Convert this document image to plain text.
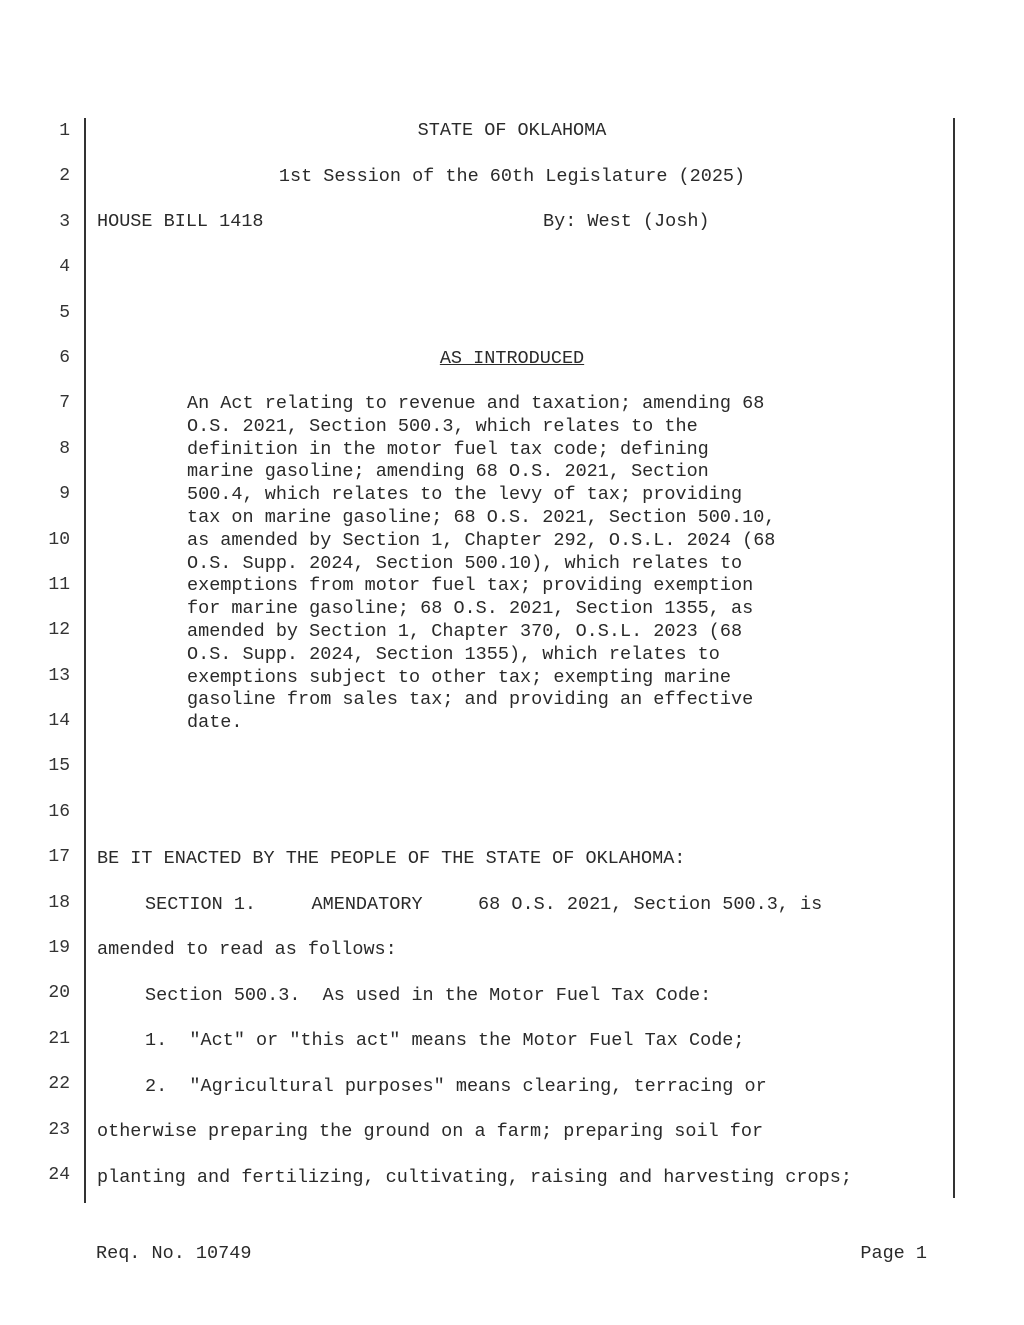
1
2
3
4
5
6
7
8
9
10
11
12
13
14
15
16
17
18
19
20
21
22
23
24
STATE OF OKLAHOMA
1st Session of the 60th Legislature (2025)
HOUSE BILL 1418	By: West (Josh)
AS INTRODUCED
An Act relating to revenue and taxation; amending 68
O.S. 2021, Section 500.3, which relates to the
definition in the motor fuel tax code; defining
marine gasoline; amending 68 O.S. 2021, Section
500.4, which relates to the levy of tax; providing
tax on marine gasoline; 68 O.S. 2021, Section 500.10,
as amended by Section 1, Chapter 292, O.S.L. 2024 (68
O.S. Supp. 2024, Section 500.10), which relates to
exemptions from motor fuel tax; providing exemption
for marine gasoline; 68 O.S. 2021, Section 1355, as
amended by Section 1, Chapter 370, O.S.L. 2023 (68
O.S. Supp. 2024, Section 1355), which relates to
exemptions subject to other tax; exempting marine
gasoline from sales tax; and providing an effective
date.
BE IT ENACTED BY THE PEOPLE OF THE STATE OF OKLAHOMA:
SECTION 1.     AMENDATORY     68 O.S. 2021, Section 500.3, is
amended to read as follows:
Section 500.3.  As used in the Motor Fuel Tax Code:
1.  "Act" or "this act" means the Motor Fuel Tax Code;
2.  "Agricultural purposes" means clearing, terracing or
otherwise preparing the ground on a farm; preparing soil for
planting and fertilizing, cultivating, raising and harvesting crops;
Req. No. 10749	Page 1
